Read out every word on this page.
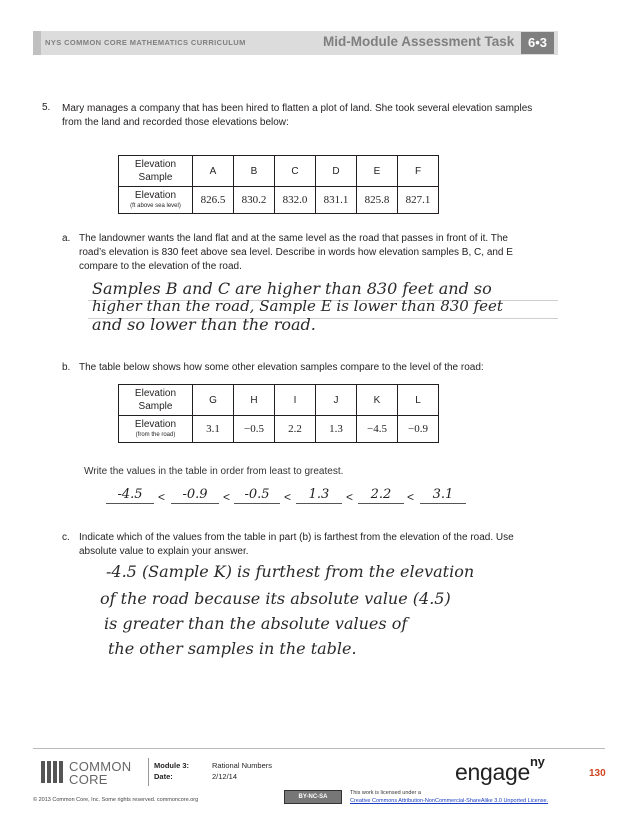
NYS COMMON CORE MATHEMATICS CURRICULUM	Mid-Module Assessment Task	6•3
5. Mary manages a company that has been hired to flatten a plot of land. She took several elevation samples from the land and recorded those elevations below:
Elevation
Sample	A	B	C	D	E	F
Elevation
(ft above sea level)	826.5	830.2	832.0	831.1	825.8	827.1
a. The landowner wants the land flat and at the same level as the road that passes in front of it. The
road’s elevation is 830 feet above sea level. Describe in words how elevation samples B, C, and E
compare to the elevation of the road.
Samples B and C are higher than 830 feet and so
higher than the road, Sample E is lower than 830 feet
and so lower than the road.
b. The table below shows how some other elevation samples compare to the level of the road:
Elevation
Sample	G	H	I	J	K	L
Elevation
(from the road)	3.1	−0.5	2.2	1.3	−4.5	−0.9
Write the values in the table in order from least to greatest.
-4.5	<	-0.9	<	-0.5	<	1.3	<	2.2	<	3.1
c. Indicate which of the values from the table in part (b) is farthest from the elevation of the road. Use
absolute value to explain your answer.
-4.5 (Sample K) is furthest from the elevation
of the road because its absolute value (4.5)
is greater than the absolute values of
the other samples in the table.
COMMON
CORE
Module 3:	Rational Numbers
Date:	2/12/14	engage$^{ny}$
130
© 2013 Common Core, Inc. Some rights reserved. commoncore.org	BY-NC-SA
This work is licensed under a
Creative Commons Attribution-NonCommercial-ShareAlike 3.0 Unported License.
